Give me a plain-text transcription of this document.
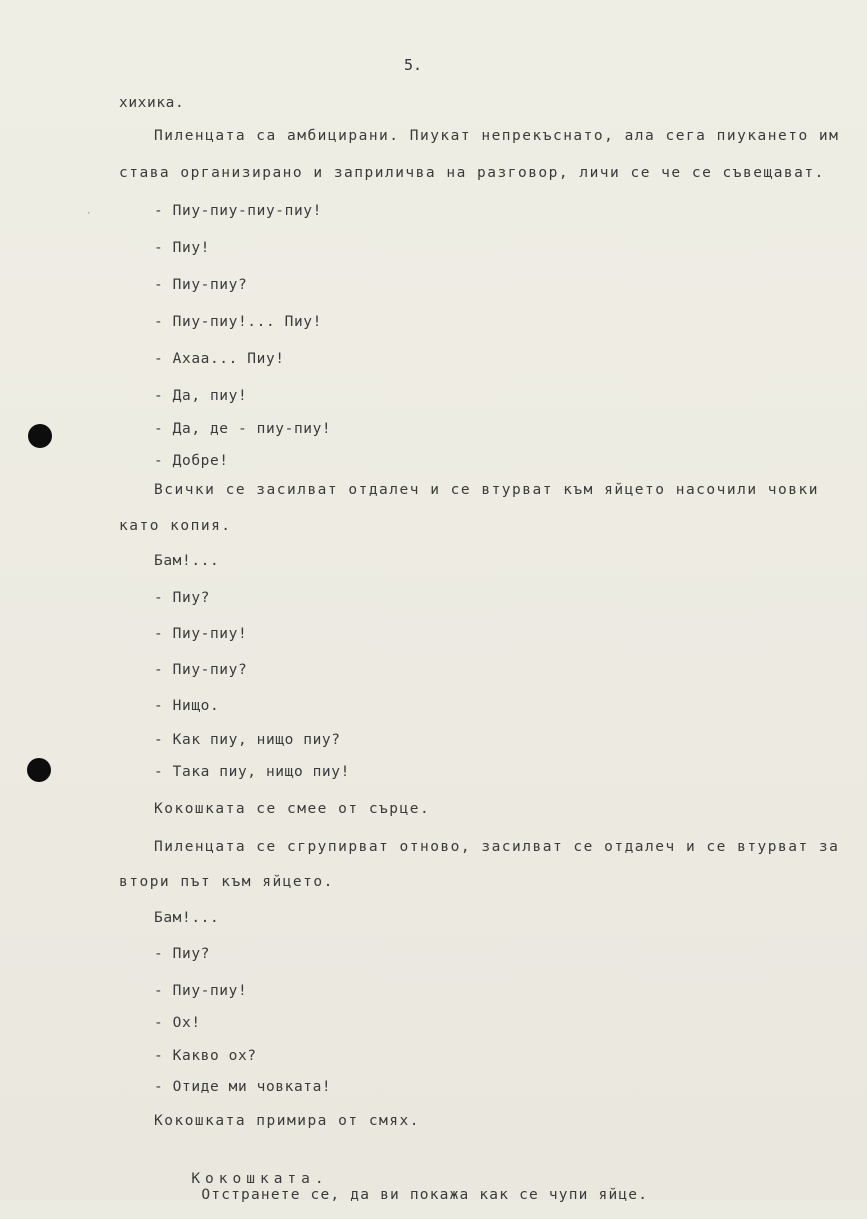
·
5.
хихика.
Пиленцата са амбицирани. Пиукат непрекъснато, ала сега пиукането им
става организирано и заприличва на разговор, личи се че се съвещават.
- Пиу-пиу-пиу-пиу!
- Пиу!
- Пиу-пиу?
- Пиу-пиу!... Пиу!
- Ахаа... Пиу!
- Да, пиу!
- Да, де - пиу-пиу!
- Добре!
Всички се засилват отдалеч и се втурват към яйцето насочили човки
като копия.
Бам!...
- Пиу?
- Пиу-пиу!
- Пиу-пиу?
- Нищо.
- Как пиу, нищо пиу?
- Така пиу, нищо пиу!
Кокошката се смее от сърце.
Пиленцата се сгрупирват отново, засилват се отдалеч и се втурват за
втори път към яйцето.
Бам!...
- Пиу?
- Пиу-пиу!
- Ох!
- Какво ох?
- Отиде ми човката!
Кокошката примира от смях.

Кокошката.
Отстранете се, да ви покажа как се чупи яйце.
